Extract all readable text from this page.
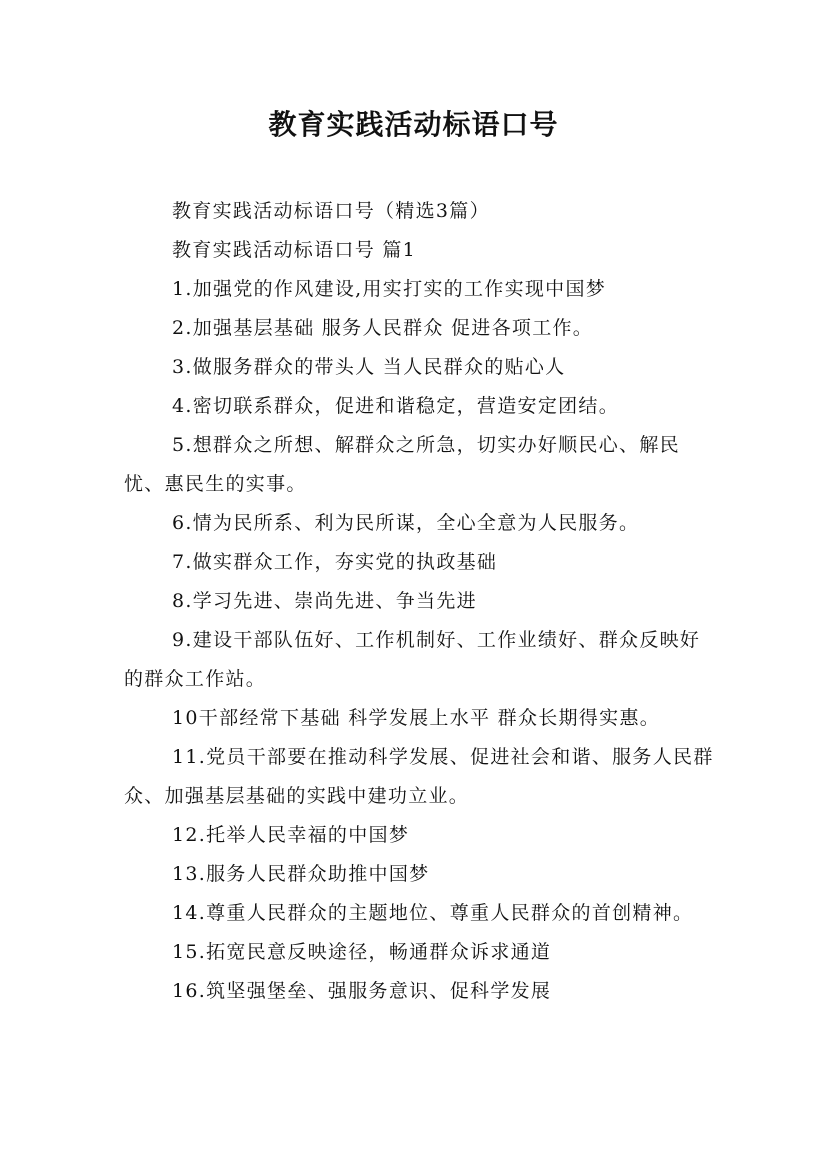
教育实践活动标语口号

教育实践活动标语口号（精选3篇）

教育实践活动标语口号 篇1

1.加强党的作风建设,用实打实的工作实现中国梦

2.加强基层基础 服务人民群众 促进各项工作。

3.做服务群众的带头人 当人民群众的贴心人

4.密切联系群众，促进和谐稳定，营造安定团结。

5.想群众之所想、解群众之所急，切实办好顺民心、解民忧、惠民生的实事。

6.情为民所系、利为民所谋，全心全意为人民服务。

7.做实群众工作，夯实党的执政基础

8.学习先进、崇尚先进、争当先进

9.建设干部队伍好、工作机制好、工作业绩好、群众反映好的群众工作站。

10干部经常下基础 科学发展上水平 群众长期得实惠。

11.党员干部要在推动科学发展、促进社会和谐、服务人民群众、加强基层基础的实践中建功立业。

12.托举人民幸福的中国梦

13.服务人民群众助推中国梦

14.尊重人民群众的主题地位、尊重人民群众的首创精神。

15.拓宽民意反映途径，畅通群众诉求通道

16.筑坚强堡垒、强服务意识、促科学发展
